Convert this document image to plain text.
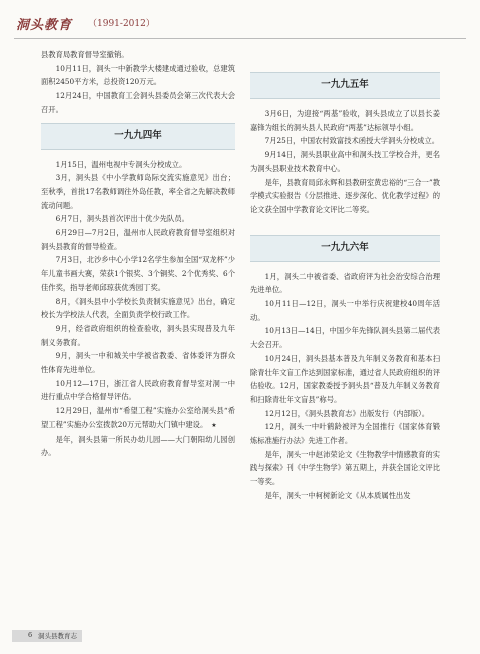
洞头教育 （1991-2012）

县教育局教育督导室撤销。

10月11日，洞头一中新教学大楼建成通过验收，总建筑面积2450平方米，总投资120万元。

12月24日，中国教育工会洞头县委员会第三次代表大会召开。

一九九四年

1月15日，温州电视中专洞头分校成立。

3月，洞头县《中小学教师岛际交流实施意见》出台；至秋季，首批17名教师调往外岛任教，率全省之先解决教师流动问题。

6月7日，洞头县首次评出十优少先队员。

6月29日—7月2日，温州市人民政府教育督导室组织对洞头县教育的督导检查。

7月3日，北沙乡中心小学12名学生参加全国“双龙杯”少年儿童书画大赛，荣获1个银奖、3个铜奖、2个优秀奖、6个佳作奖，指导老师邱琼获优秀园丁奖。

8月，《洞头县中小学校长负责制实施意见》出台，确定校长为学校法人代表，全面负责学校行政工作。

9月，经省政府组织的检查验收，洞头县实现普及九年制义务教育。

9月，洞头一中和城关中学被省教委、省体委评为群众性体育先进单位。

10月12—17日，浙江省人民政府教育督导室对洞一中进行重点中学合格督导评估。

12月29日，温州市“希望工程”实施办公室给洞头县“希望工程”实施办公室拨款20万元帮助大门镇中建设。 ★

是年，洞头县第一所民办幼儿园——大门朝阳幼儿园创办。

一九九五年

3月6日，为迎接“两基”验收，洞头县成立了以县长姜嘉锋为组长的洞头县人民政府“两基”达标领导小组。

7月25日，中国农村致富技术函授大学洞头分校成立。

9月14日，洞头县职业高中和洞头技工学校合并，更名为洞头县职业技术教育中心。

是年，县教育局邱永辉和县教研室黄忠裕的“三合一”教学模式实验报告《分层推进、逐步深化、优化教学过程》的论文获全国中学教育论文评比二等奖。

一九九六年

1月，洞头二中被省委、省政府评为社会治安综合治理先进单位。

10月11日—12日，洞头一中举行庆祝建校40周年活动。

10月13日—14日，中国少年先锋队洞头县第二届代表大会召开。

10月24日，洞头县基本普及九年制义务教育和基本扫除青壮年文盲工作达到国家标准，通过省人民政府组织的评估验收。12月，国家教委授予洞头县“普及九年制义务教育和扫除青壮年文盲县”称号。

12月12日，《洞头县教育志》出版发行（内部版）。

12月，洞头一中叶鹤龄被评为全国推行《国家体育锻炼标准施行办法》先进工作者。

是年，洞头一中赵沛荣论文《生物教学中情感教育的实践与探索》刊《中学生物学》第五期上，并获全国论文评比一等奖。

是年，洞头一中柯树新论文《从本质属性出发

6 洞头县教育志
